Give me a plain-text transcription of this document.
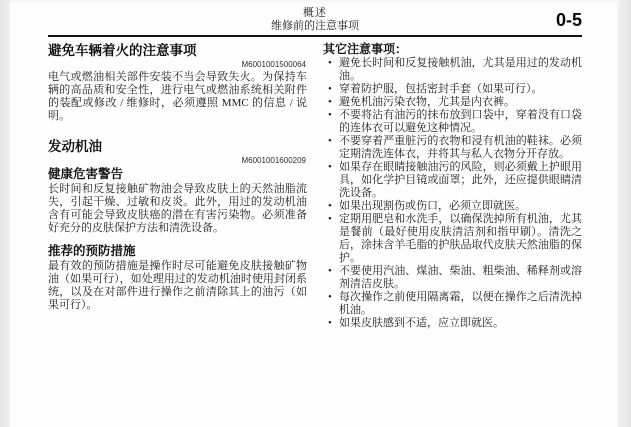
概述
维修前的注意事项	0-5
避免车辆着火的注意事项
M6001001500064

电气或燃油相关部件安装不当会导致失火。为保持车辆的高品质和安全性，进行电气或燃油系统相关附件的装配或修改 / 维修时，必须遵照 MMC 的信息 / 说明。

发动机油
M6001001600209
健康危害警告

长时间和反复接触矿物油会导致皮肤上的天然油脂流失，引起干燥、过敏和皮炎。此外，用过的发动机油含有可能会导致皮肤癌的潜在有害污染物。必须准备好充分的皮肤保护方法和清洗设备。

推荐的预防措施

最有效的预防措施是操作时尽可能避免皮肤接触矿物油（如果可行），如处理用过的发动机油时使用封闭系统，以及在对部件进行操作之前清除其上的油污（如果可行）。

其它注意事项：
• 避免长时间和反复接触机油，尤其是用过的发动机油。
• 穿着防护服，包括密封手套（如果可行）。
• 避免机油污染衣物，尤其是内衣裤。
• 不要将沾有油污的抹布放到口袋中，穿着没有口袋的连体衣可以避免这种情况。
• 不要穿着严重脏污的衣物和浸有机油的鞋袜。必须定期清洗连体衣，并将其与私人衣物分开存放。
• 如果存在眼睛接触油污的风险，则必须戴上护眼用具，如化学护目镜或面罩；此外，还应提供眼睛清洗设备。
• 如果出现割伤或伤口，必须立即就医。
• 定期用肥皂和水洗手，以确保洗掉所有机油，尤其是餐前（最好使用皮肤清洁剂和指甲刷）。清洗之后，涂抹含羊毛脂的护肤品取代皮肤天然油脂的保护。
• 不要使用汽油、煤油、柴油、粗柴油、稀释剂或溶剂清洁皮肤。
• 每次操作之前使用隔离霜，以便在操作之后清洗掉机油。
• 如果皮肤感到不适，应立即就医。
